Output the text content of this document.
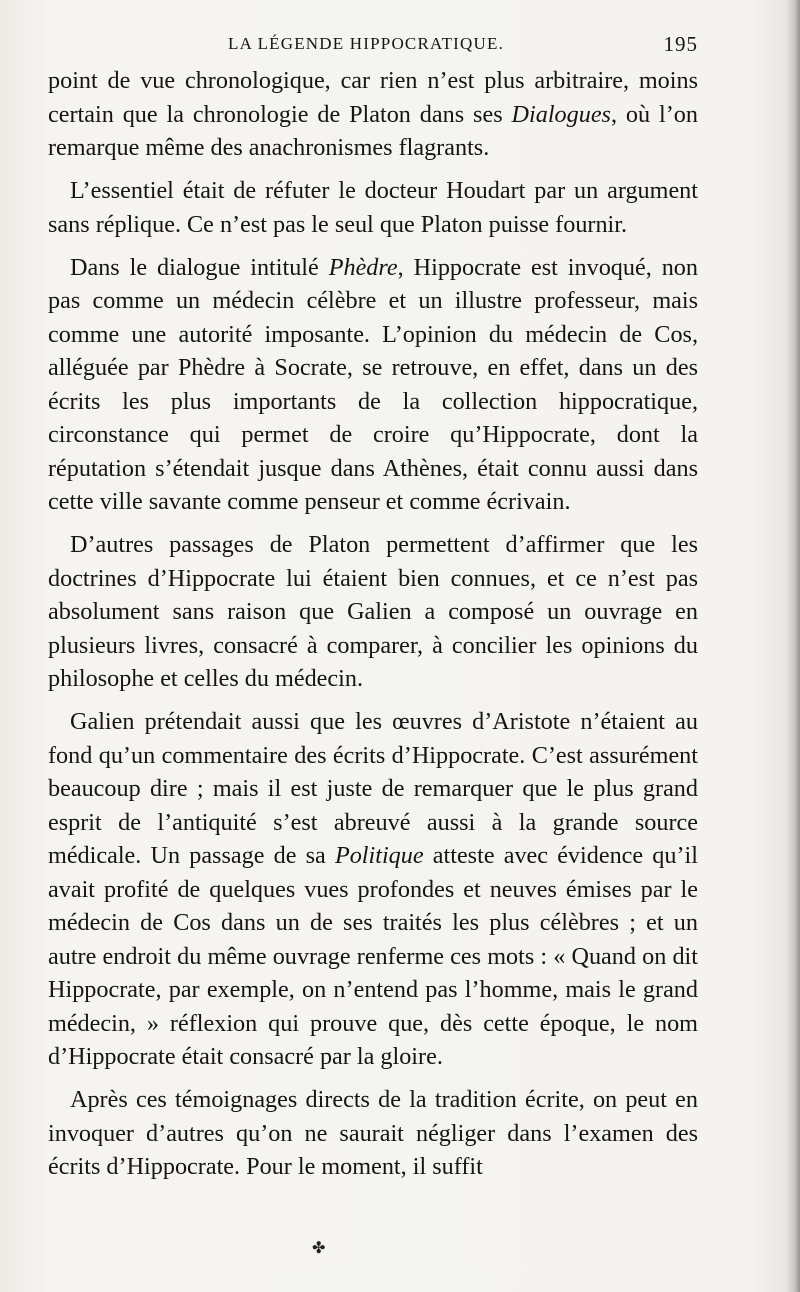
LA LÉGENDE HIPPOCRATIQUE.	195

point de vue chronologique, car rien n’est plus arbitraire, moins certain que la chronologie de Platon dans ses Dialogues, où l’on remarque même des anachronismes flagrants.

L’essentiel était de réfuter le docteur Houdart par un argument sans réplique. Ce n’est pas le seul que Platon puisse fournir.

Dans le dialogue intitulé Phèdre, Hippocrate est invoqué, non pas comme un médecin célèbre et un illustre professeur, mais comme une autorité imposante. L’opinion du médecin de Cos, alléguée par Phèdre à Socrate, se retrouve, en effet, dans un des écrits les plus importants de la collection hippocratique, circonstance qui permet de croire qu’Hippocrate, dont la réputation s’étendait jusque dans Athènes, était connu aussi dans cette ville savante comme penseur et comme écrivain.

D’autres passages de Platon permettent d’affirmer que les doctrines d’Hippocrate lui étaient bien connues, et ce n’est pas absolument sans raison que Galien a composé un ouvrage en plusieurs livres, consacré à comparer, à concilier les opinions du philosophe et celles du médecin.

Galien prétendait aussi que les œuvres d’Aristote n’étaient au fond qu’un commentaire des écrits d’Hippocrate. C’est assurément beaucoup dire ; mais il est juste de remarquer que le plus grand esprit de l’antiquité s’est abreuvé aussi à la grande source médicale. Un passage de sa Politique atteste avec évidence qu’il avait profité de quelques vues profondes et neuves émises par le médecin de Cos dans un de ses traités les plus célèbres ; et un autre endroit du même ouvrage renferme ces mots : « Quand on dit Hippocrate, par exemple, on n’entend pas l’homme, mais le grand médecin, » réflexion qui prouve que, dès cette époque, le nom d’Hippocrate était consacré par la gloire.

Après ces témoignages directs de la tradition écrite, on peut en invoquer d’autres qu’on ne saurait négliger dans l’examen des écrits d’Hippocrate. Pour le moment, il suffit

✤
